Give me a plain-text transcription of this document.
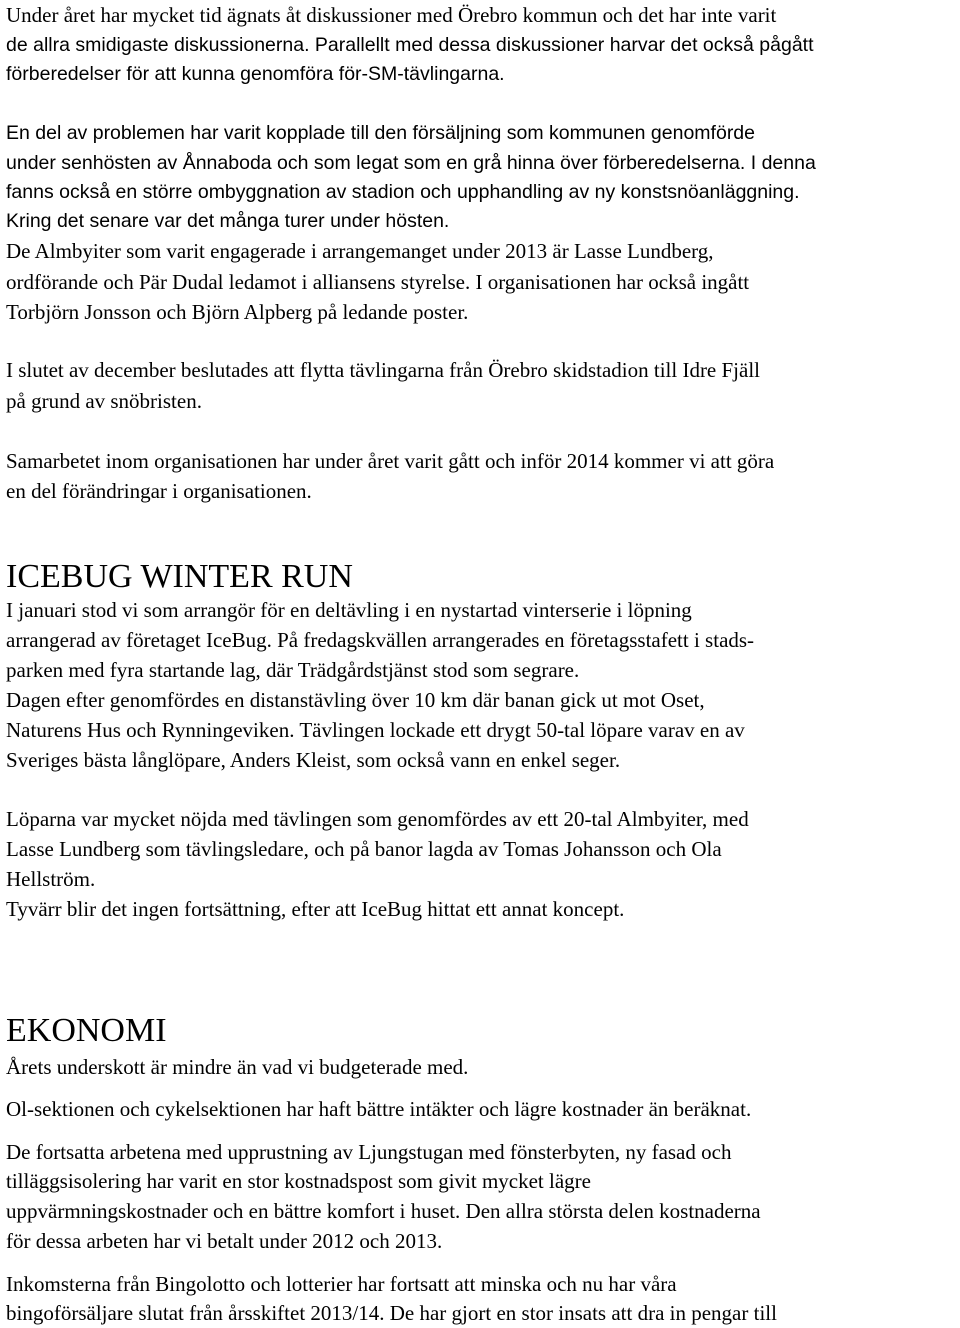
Under året har mycket tid ägnats åt diskussioner med Örebro kommun och det har inte varit
de allra smidigaste diskussionerna. Parallellt med dessa diskussioner harvar det också pågått
förberedelser för att kunna genomföra för-SM-tävlingarna.
En del av problemen har varit kopplade till den försäljning som kommunen genomförde
under senhösten av Ånnaboda och som legat som en grå hinna över förberedelserna. I denna
fanns också en större ombyggnation av stadion och upphandling av ny konstsnöanläggning.
Kring det senare var det många turer under hösten.
De Almbyiter som varit engagerade i arrangemanget under 2013 är Lasse Lundberg,
ordförande och Pär Dudal ledamot i alliansens styrelse. I organisationen har också ingått
Torbjörn Jonsson och Björn Alpberg på ledande poster.
I slutet av december beslutades att flytta tävlingarna från Örebro skidstadion till Idre Fjäll
på grund av snöbristen.
Samarbetet inom organisationen har under året varit gått och inför 2014 kommer vi att göra
en del förändringar i organisationen.
ICEBUG WINTER RUN
I januari stod vi som arrangör för en deltävling i en nystartad vinterserie i löpning
arrangerad av företaget IceBug. På fredagskvällen arrangerades en företagsstafett i stads-
parken med fyra startande lag, där Trädgårdstjänst stod som segrare.
Dagen efter genomfördes en distanstävling över 10 km där banan gick ut mot Oset,
Naturens Hus och Rynningeviken. Tävlingen lockade ett drygt 50-tal löpare varav en av
Sveriges bästa långlöpare, Anders Kleist, som också vann en enkel seger.
Löparna var mycket nöjda med tävlingen som genomfördes av ett 20-tal Almbyiter, med
Lasse Lundberg som tävlingsledare, och på banor lagda av Tomas Johansson och Ola
Hellström.
Tyvärr blir det ingen fortsättning, efter att IceBug hittat ett annat koncept.
EKONOMI
Årets underskott är mindre än vad vi budgeterade med.
Ol-sektionen och cykelsektionen har haft bättre intäkter och lägre kostnader än beräknat.
De fortsatta arbetena med upprustning av Ljungstugan med fönsterbyten, ny fasad och
tilläggsisolering har varit en stor kostnadspost som givit mycket lägre
uppvärmningskostnader och en bättre komfort i huset. Den allra största delen kostnaderna
för dessa arbeten har vi betalt under 2012 och 2013.
Inkomsterna från Bingolotto och lotterier har fortsatt att minska och nu har våra
bingoförsäljare slutat från årsskiftet 2013/14. De har gjort en stor insats att dra in pengar till
